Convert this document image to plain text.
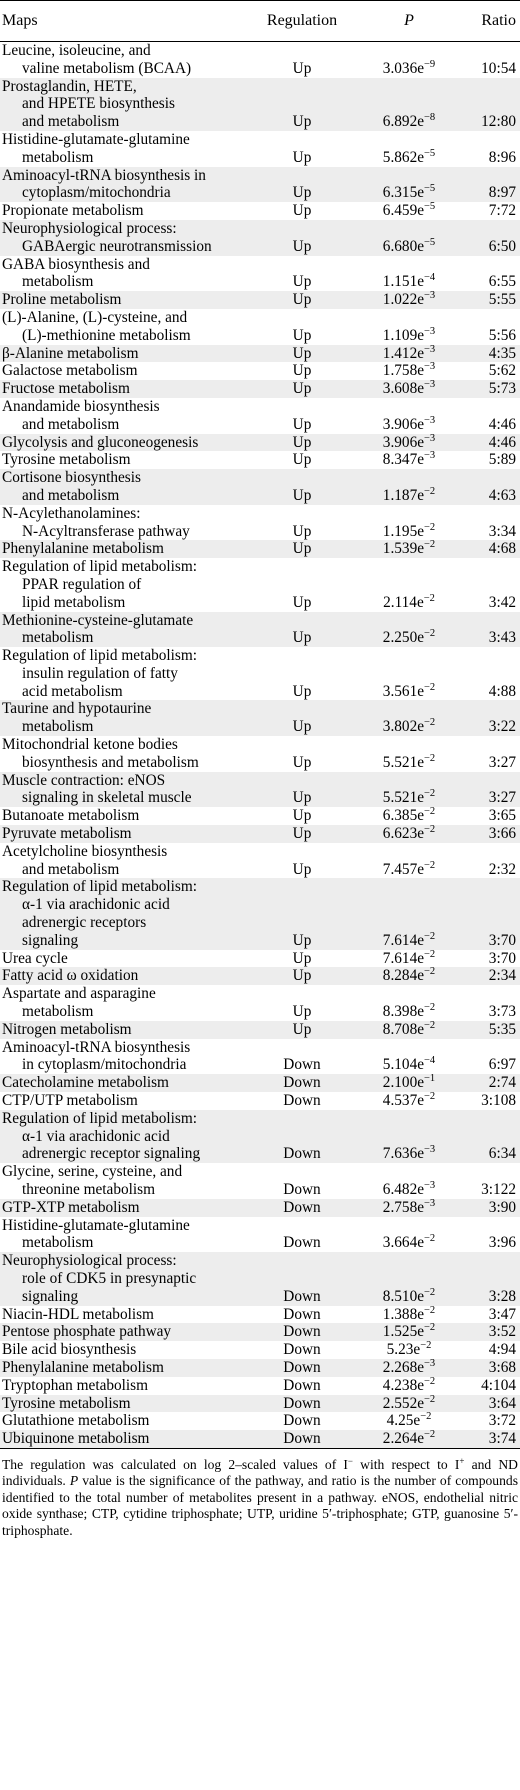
Maps	Regulation	P	Ratio

Leucine, isoleucine, and
valine metabolism (BCAA)	Up	$3.036e^{-9}$	10:54

Prostaglandin, HETE,
and HPETE biosynthesis
and metabolism	Up	$6.892e^{-8}$	12:80

Histidine-glutamate-glutamine
metabolism	Up	$5.862e^{-5}$	8:96

Aminoacyl-tRNA biosynthesis in
cytoplasm/mitochondria	Up	$6.315e^{-5}$	8:97

Propionate metabolism	Up	$6.459e^{-5}$	7:72

Neurophysiological process:
GABAergic neurotransmission	Up	$6.680e^{-5}$	6:50

GABA biosynthesis and
metabolism	Up	$1.151e^{-4}$	6:55

Proline metabolism	Up	$1.022e^{-3}$	5:55

(L)-Alanine, (L)-cysteine, and
(L)-methionine metabolism	Up	$1.109e^{-3}$	5:56

β-Alanine metabolism	Up	$1.412e^{-3}$	4:35

Galactose metabolism	Up	$1.758e^{-3}$	5:62

Fructose metabolism	Up	$3.608e^{-3}$	5:73

Anandamide biosynthesis
and metabolism	Up	$3.906e^{-3}$	4:46

Glycolysis and gluconeogenesis	Up	$3.906e^{-3}$	4:46

Tyrosine metabolism	Up	$8.347e^{-3}$	5:89

Cortisone biosynthesis
and metabolism	Up	$1.187e^{-2}$	4:63

N-Acylethanolamines:
N-Acyltransferase pathway	Up	$1.195e^{-2}$	3:34

Phenylalanine metabolism	Up	$1.539e^{-2}$	4:68

Regulation of lipid metabolism:
PPAR regulation of
lipid metabolism	Up	$2.114e^{-2}$	3:42

Methionine-cysteine-glutamate
metabolism	Up	$2.250e^{-2}$	3:43

Regulation of lipid metabolism:
insulin regulation of fatty
acid metabolism	Up	$3.561e^{-2}$	4:88

Taurine and hypotaurine
metabolism	Up	$3.802e^{-2}$	3:22

Mitochondrial ketone bodies
biosynthesis and metabolism	Up	$5.521e^{-2}$	3:27

Muscle contraction: eNOS
signaling in skeletal muscle	Up	$5.521e^{-2}$	3:27

Butanoate metabolism	Up	$6.385e^{-2}$	3:65

Pyruvate metabolism	Up	$6.623e^{-2}$	3:66

Acetylcholine biosynthesis
and metabolism	Up	$7.457e^{-2}$	2:32

Regulation of lipid metabolism:
α-1 via arachidonic acid
adrenergic receptors
signaling	Up	$7.614e^{-2}$	3:70

Urea cycle	Up	$7.614e^{-2}$	3:70

Fatty acid ω oxidation	Up	$8.284e^{-2}$	2:34

Aspartate and asparagine
metabolism	Up	$8.398e^{-2}$	3:73

Nitrogen metabolism	Up	$8.708e^{-2}$	5:35

Aminoacyl-tRNA biosynthesis
in cytoplasm/mitochondria	Down	$5.104e^{-4}$	6:97

Catecholamine metabolism	Down	$2.100e^{-1}$	2:74

CTP/UTP metabolism	Down	$4.537e^{-2}$	3:108

Regulation of lipid metabolism:
α-1 via arachidonic acid
adrenergic receptor signaling	Down	$7.636e^{-3}$	6:34

Glycine, serine, cysteine, and
threonine metabolism	Down	$6.482e^{-3}$	3:122

GTP-XTP metabolism	Down	$2.758e^{-3}$	3:90

Histidine-glutamate-glutamine
metabolism	Down	$3.664e^{-2}$	3:96

Neurophysiological process:
role of CDK5 in presynaptic
signaling	Down	$8.510e^{-2}$	3:28

Niacin-HDL metabolism	Down	$1.388e^{-2}$	3:47

Pentose phosphate pathway	Down	$1.525e^{-2}$	3:52

Bile acid biosynthesis	Down	$5.23e^{-2}$	4:94

Phenylalanine metabolism	Down	$2.268e^{-3}$	3:68

Tryptophan metabolism	Down	$4.238e^{-2}$	4:104

Tyrosine metabolism	Down	$2.552e^{-2}$	3:64

Glutathione metabolism	Down	$4.25e^{-2}$	3:72

Ubiquinone metabolism	Down	$2.264e^{-2}$	3:74
The regulation was calculated on log 2–scaled values of I− with respect to I+ and ND individuals. P value is the significance of the pathway, and ratio is the number of compounds identified to the total number of metabolites present in a pathway. eNOS, endothelial nitric oxide synthase; CTP, cytidine triphosphate; UTP, uridine 5′-triphosphate; GTP, guanosine 5′-triphosphate.
